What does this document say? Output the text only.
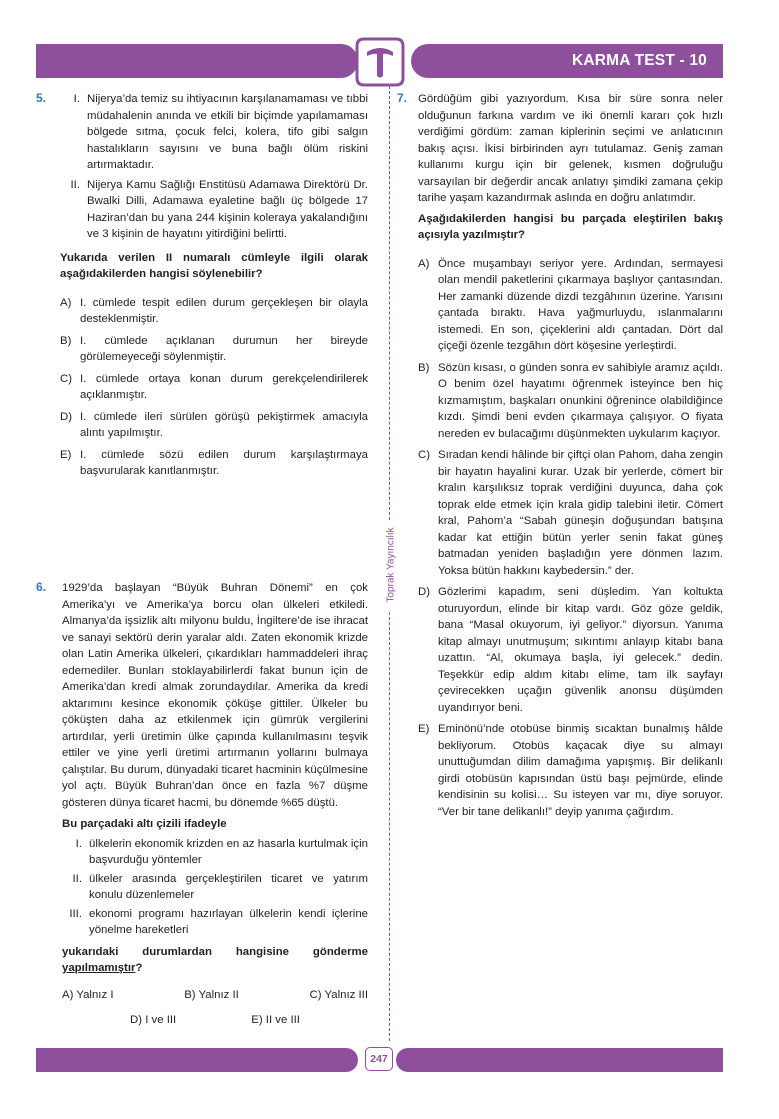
KARMA TEST - 10
Toprak Yayıncılık
5.	I. Nijerya’da temiz su ihtiyacının karşılanamaması ve tıbbi müdahalenin anında ve etkili bir biçimde yapılamaması bölgede sıtma, çocuk felci, kolera, tifo gibi salgın hastalıkların sayısını ve buna bağlı ölüm riskini artırmaktadır.
II. Nijerya Kamu Sağlığı Enstitüsü Adamawa Direktörü Dr. Bwalki Dilli, Adamawa eyaletine bağlı üç bölgede 17 Haziran’dan bu yana 244 kişinin koleraya yakalandığını ve 3 kişinin de hayatını yitirdiğini belirtti.
Yukarıda verilen II numaralı cümleyle ilgili olarak aşağıdakilerden hangisi söylenebilir?
A) I. cümlede tespit edilen durum gerçekleşen bir olayla desteklenmiştir.
B) I. cümlede açıklanan durumun her bireyde görülemeyeceği söylenmiştir.
C) I. cümlede ortaya konan durum gerekçelendirilerek açıklanmıştır.
D) I. cümlede ileri sürülen görüşü pekiştirmek amacıyla alıntı yapılmıştır.
E) I. cümlede sözü edilen durum karşılaştırmaya başvurularak kanıtlanmıştır.
6. 1929’da başlayan “Büyük Buhran Dönemi” en çok Amerika’yı ve Amerika’ya borcu olan ülkeleri etkiledi. Almanya’da işsizlik altı milyonu buldu, İngiltere’de ise ihracat ve sanayi sektörü derin yaralar aldı. Zaten ekonomik krizde olan Latin Amerika ülkeleri, çıkardıkları hammaddeleri ihraç edemediler. Bunları stoklayabilirlerdi fakat bunun için de Amerika’dan kredi almak zorundaydılar. Amerika da kredi aktarımını kesince ekonomik çöküşe gittiler. Ülkeler bu çöküşten daha az etkilenmek için gümrük vergilerini artırdılar, yerli üretimin ülke çapında kullanılmasını teşvik ettiler ve yine yerli üretimi artırmanın yollarını bulmaya çalıştılar. Bu durum, dünyadaki ticaret hacminin küçülmesine yol açtı. Büyük Buhran’dan önce en fazla %7 düşme gösteren dünya ticaret hacmi, bu dönemde %65 düştü.
Bu parçadaki altı çizili ifadeyle
I. ülkelerin ekonomik krizden en az hasarla kurtulmak için başvurduğu yöntemler
II. ülkeler arasında gerçekleştirilen ticaret ve yatırım konulu düzenlemeler
III. ekonomi programı hazırlayan ülkelerin kendi içlerine yönelme hareketleri
yukarıdaki durumlardan hangisine gönderme yapılmamıştır?
A) Yalnız I	B) Yalnız II	C) Yalnız III
D) I ve III	E) II ve III
7. Gördüğüm gibi yazıyordum. Kısa bir süre sonra neler olduğunun farkına vardım ve iki önemli kararı çok hızlı verdiğimi gördüm: zaman kiplerinin seçimi ve anlatıcının bakış açısı. İkisi birbirinden ayrı tutulamaz. Geniş zaman kullanımı kurgu için bir gelenek, kısmen doğruluğu varsayılan bir değerdir ancak anlatıyı şimdiki zamana çekip tarihe yaşam kazandırmak aslında en doğru anlatımdır.
Aşağıdakilerden hangisi bu parçada eleştirilen bakış açısıyla yazılmıştır?
A) Önce muşambayı seriyor yere. Ardından, sermayesi olan mendil paketlerini çıkarmaya başlıyor çantasından. Her zamanki düzende dizdi tezgâhının üzerine. Yarısını çantada bıraktı. Hava yağmurluydu, ıslanmalarını istemedi. En son, çiçeklerini aldı çantadan. Dört dal çiçeği özenle tezgâhın dört köşesine yerleştirdi.
B) Sözün kısası, o günden sonra ev sahibiyle aramız açıldı. O benim özel hayatımı öğrenmek isteyince ben hiç kızmamıştım, başkaları onunkini öğrenince olabildiğince kızdı. Şimdi beni evden çıkarmaya çalışıyor. O fiyata nereden ev bulacağımı düşünmekten uykularım kaçıyor.
C) Sıradan kendi hâlinde bir çiftçi olan Pahom, daha zengin bir hayatın hayalini kurar. Uzak bir yerlerde, cömert bir kralın karşılıksız toprak verdiğini duyunca, daha çok toprak elde etmek için krala gidip talebini iletir. Cömert kral, Pahom’a “Sabah güneşin doğuşundan batışına kadar kat ettiğin bütün yerler senin fakat güneş batmadan yeniden başladığın yere dönmen lazım. Yoksa bütün hakkını kaybedersin.” der.
D) Gözlerimi kapadım, seni düşledim. Yan koltukta oturuyordun, elinde bir kitap vardı. Göz göze geldik, bana “Masal okuyorum, iyi geliyor.” diyorsun. Yanıma kitap almayı unutmuşum; sıkıntımı anlayıp kitabı bana uzattın. “Al, okumaya başla, iyi gelecek.” dedin. Teşekkür edip aldım kitabı elime, tam ilk sayfayı çevirecekken uçağın güvenlik anonsu düşümden uyandırıyor beni.
E) Eminönü’nde otobüse binmiş sıcaktan bunalmış hâlde bekliyorum. Otobüs kaçacak diye su almayı unuttuğumdan dilim damağıma yapışmış. Bir delikanlı girdi otobüsün kapısından üstü başı pejmürde, elinde kendisinin su kolisi… Su isteyen var mı, diye soruyor. “Ver bir tane delikanlı!” deyip yanıma çağırdım.
247
